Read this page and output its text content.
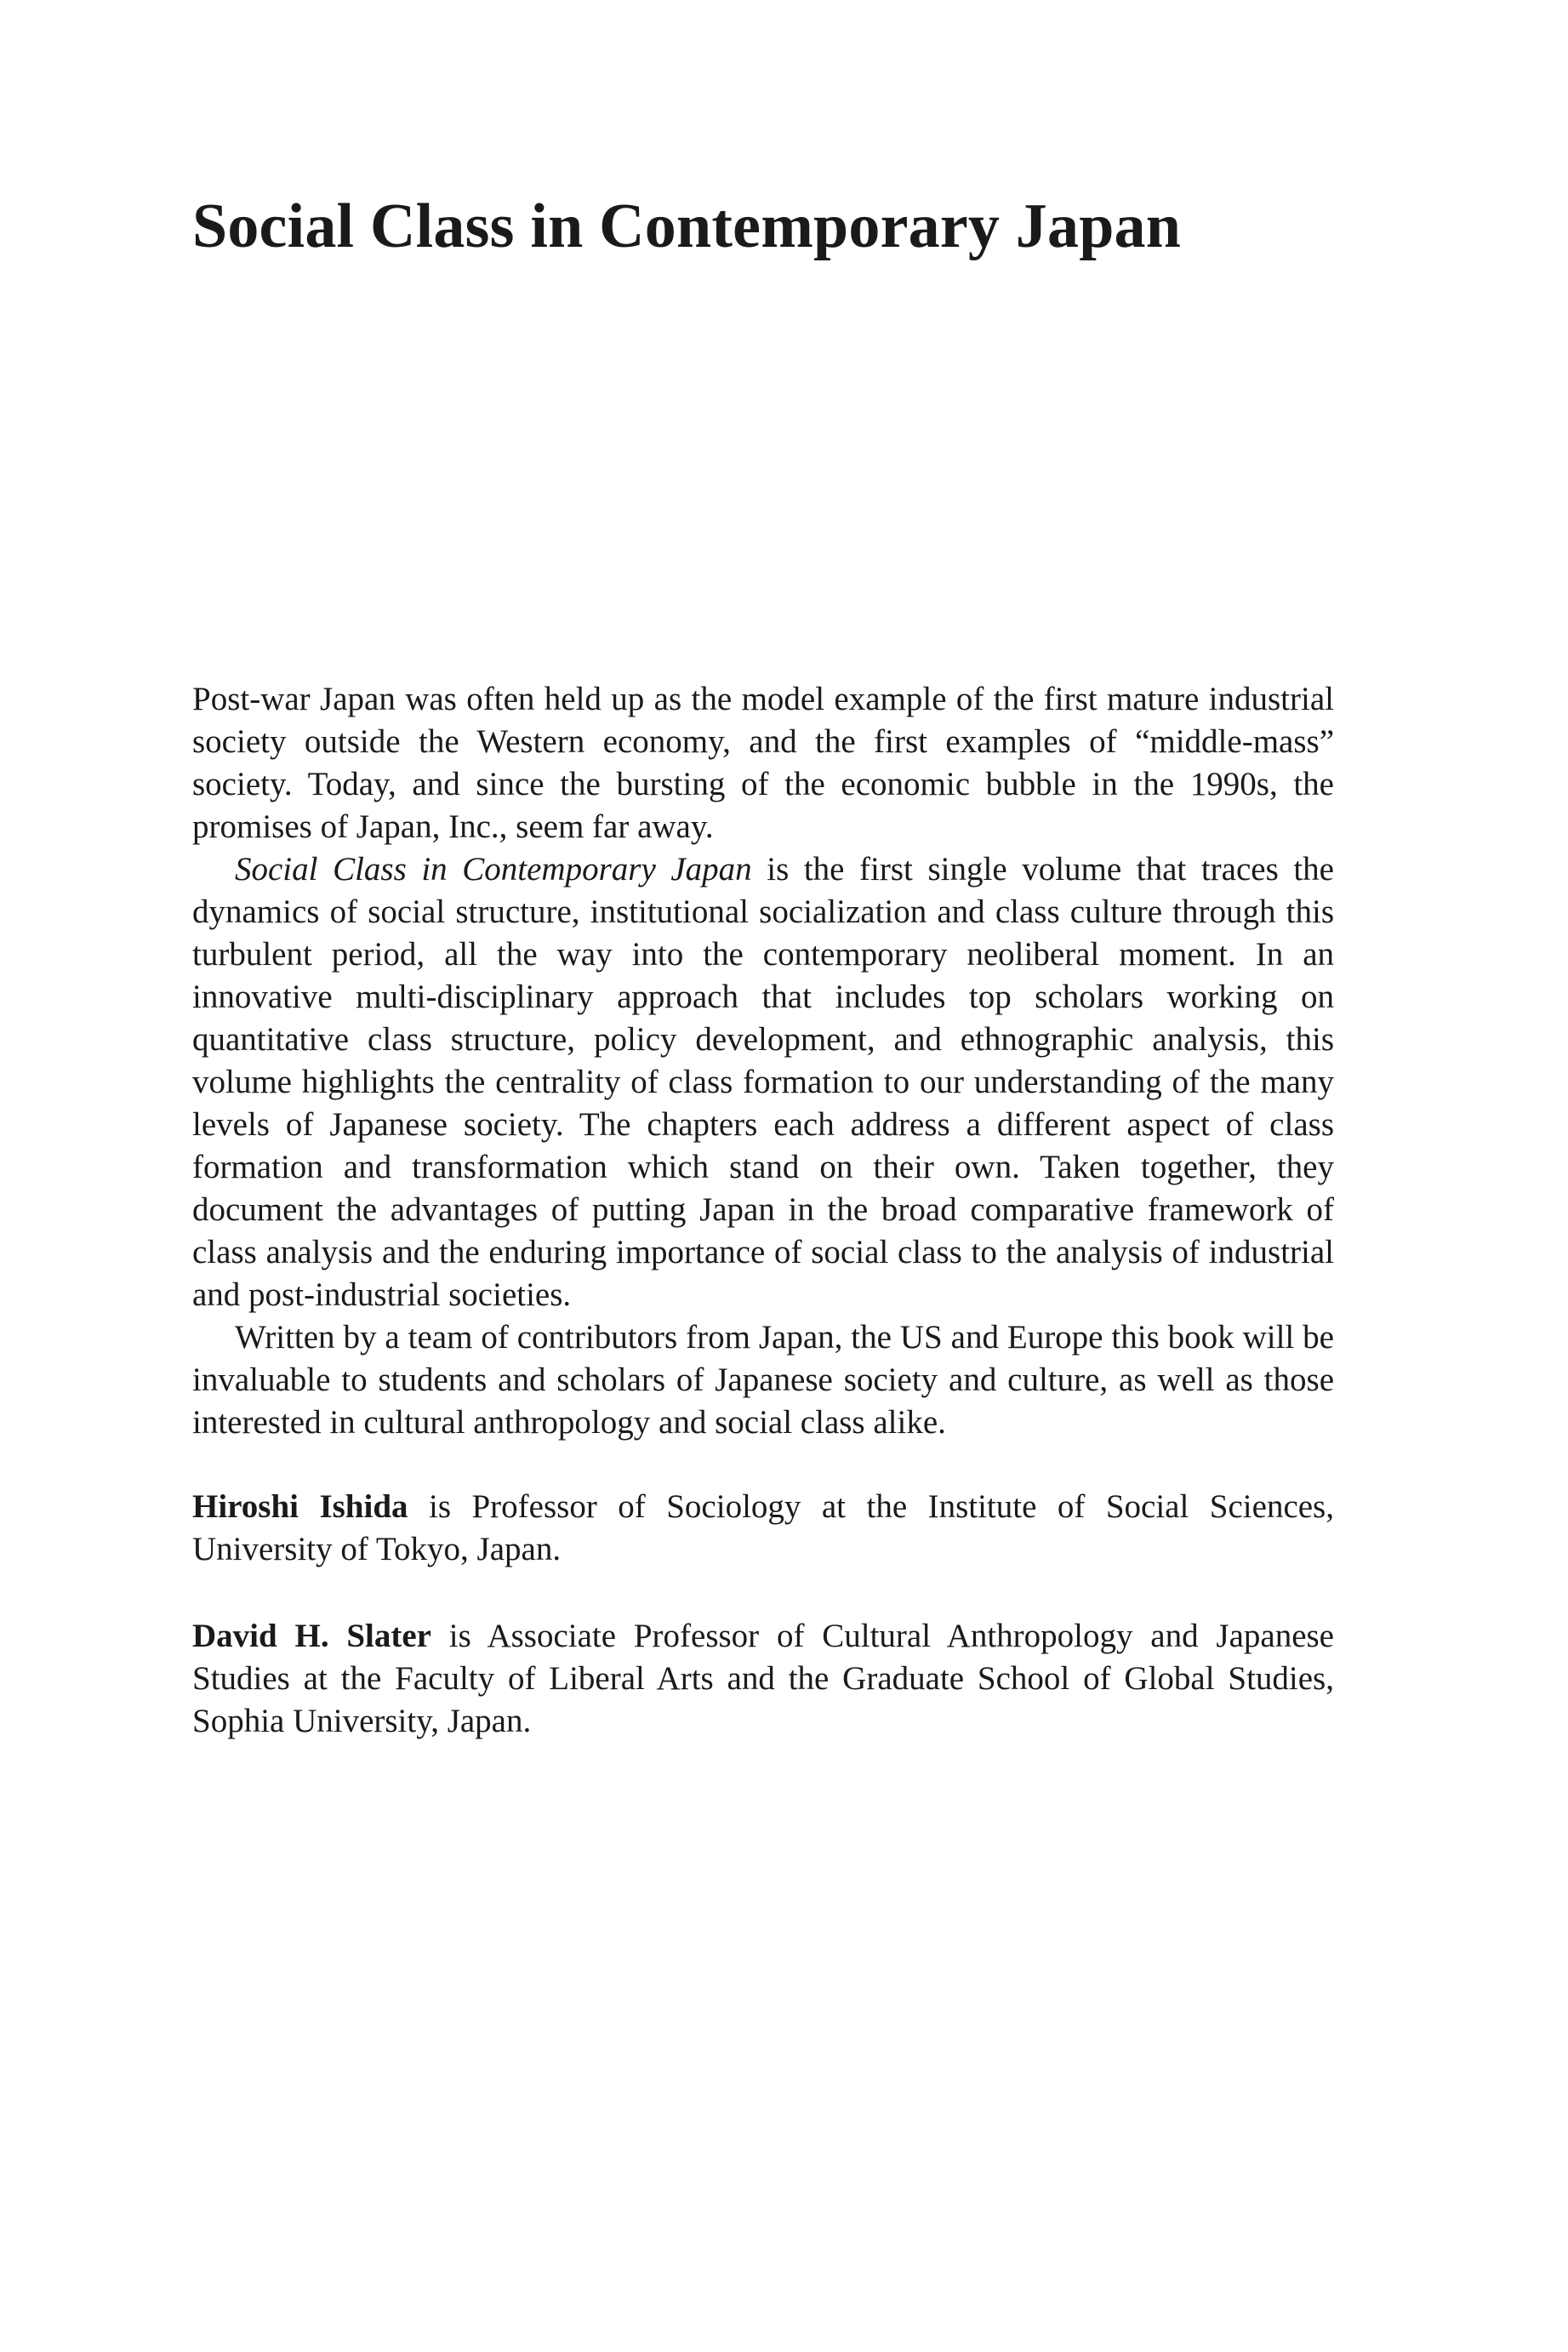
Social Class in Contemporary Japan

Post-war Japan was often held up as the model example of the first mature industrial society outside the Western economy, and the first examples of “middle-mass” society. Today, and since the bursting of the economic bubble in the 1990s, the promises of Japan, Inc., seem far away.

Social Class in Contemporary Japan is the first single volume that traces the dynamics of social structure, institutional socialization and class culture through this turbulent period, all the way into the contemporary neoliberal moment. In an innovative multi-disciplinary approach that includes top scholars working on quantitative class structure, policy development, and ethnographic analysis, this volume highlights the centrality of class formation to our understanding of the many levels of Japanese society. The chapters each address a different aspect of class formation and transformation which stand on their own. Taken together, they document the advantages of putting Japan in the broad comparative framework of class analysis and the enduring importance of social class to the analysis of industrial and post-industrial societies.

Written by a team of contributors from Japan, the US and Europe this book will be invaluable to students and scholars of Japanese society and culture, as well as those interested in cultural anthropology and social class alike.

Hiroshi Ishida is Professor of Sociology at the Institute of Social Sciences, University of Tokyo, Japan.

David H. Slater is Associate Professor of Cultural Anthropology and Japanese Studies at the Faculty of Liberal Arts and the Graduate School of Global Studies, Sophia University, Japan.
